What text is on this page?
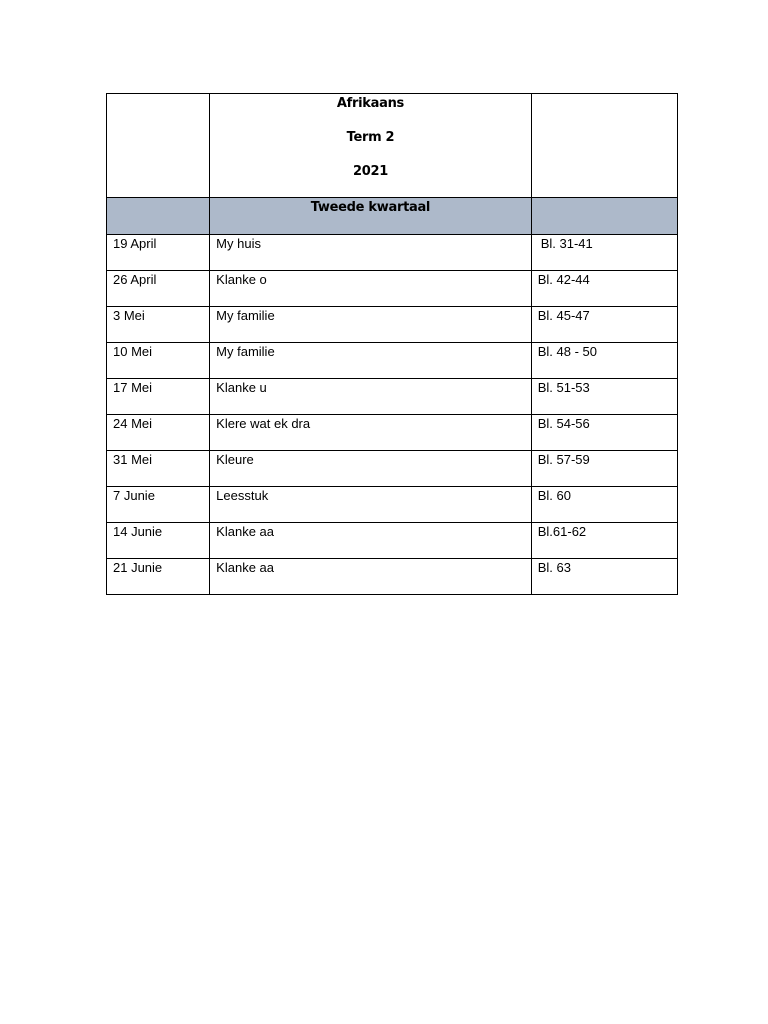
	Afrikaans
Term 2
2021	

	Tweede kwartaal	
19 April	My huis	Bl. 31-41
26 April	Klanke o	Bl. 42-44
3 Mei	My familie	Bl. 45-47
10 Mei	My familie	Bl. 48 - 50
17 Mei	Klanke u	Bl. 51-53
24 Mei	Klere wat ek dra	Bl. 54-56
31 Mei	Kleure	Bl. 57-59
7 Junie	Leesstuk	Bl. 60
14 Junie	Klanke aa	Bl.61-62
21 Junie	Klanke aa	Bl. 63
